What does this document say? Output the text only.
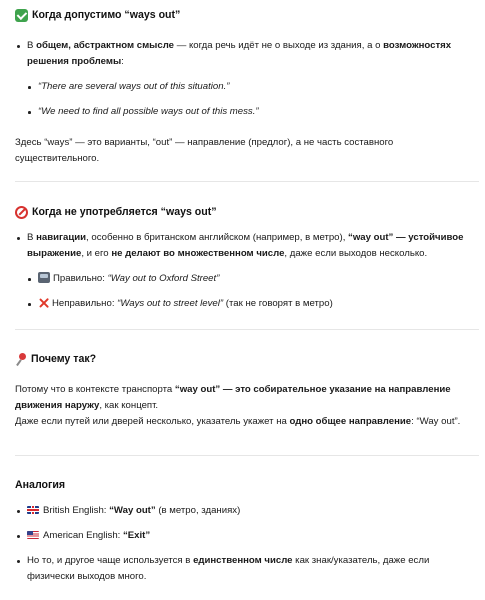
Когда допустимо “ways out”
В общем, абстрактном смысле — когда речь идёт не о выходе из здания, а о возможностях решения проблемы:
“There are several ways out of this situation.”
“We need to find all possible ways out of this mess.”

Здесь “ways” — это варианты, “out” — направление (предлог), а не часть составного существительного.

Когда не употребляется “ways out”
В навигации, особенно в британском английском (например, в метро), “way out” — устойчивое выражение, и его не делают во множественном числе, даже если выходов несколько.
Правильно: “Way out to Oxford Street”
Неправильно: “Ways out to street level” (так не говорят в метро)
Почему так?

Потому что в контексте транспорта “way out” — это собирательное указание на направление движения наружу, как концепт.

Даже если путей или дверей несколько, указатель укажет на одно общее направление: “Way out”.

Аналогия
British English: “Way out” (в метро, зданиях)
American English: “Exit”
Но то, и другое чаще используется в единственном числе как знак/указатель, даже если физически выходов много.
